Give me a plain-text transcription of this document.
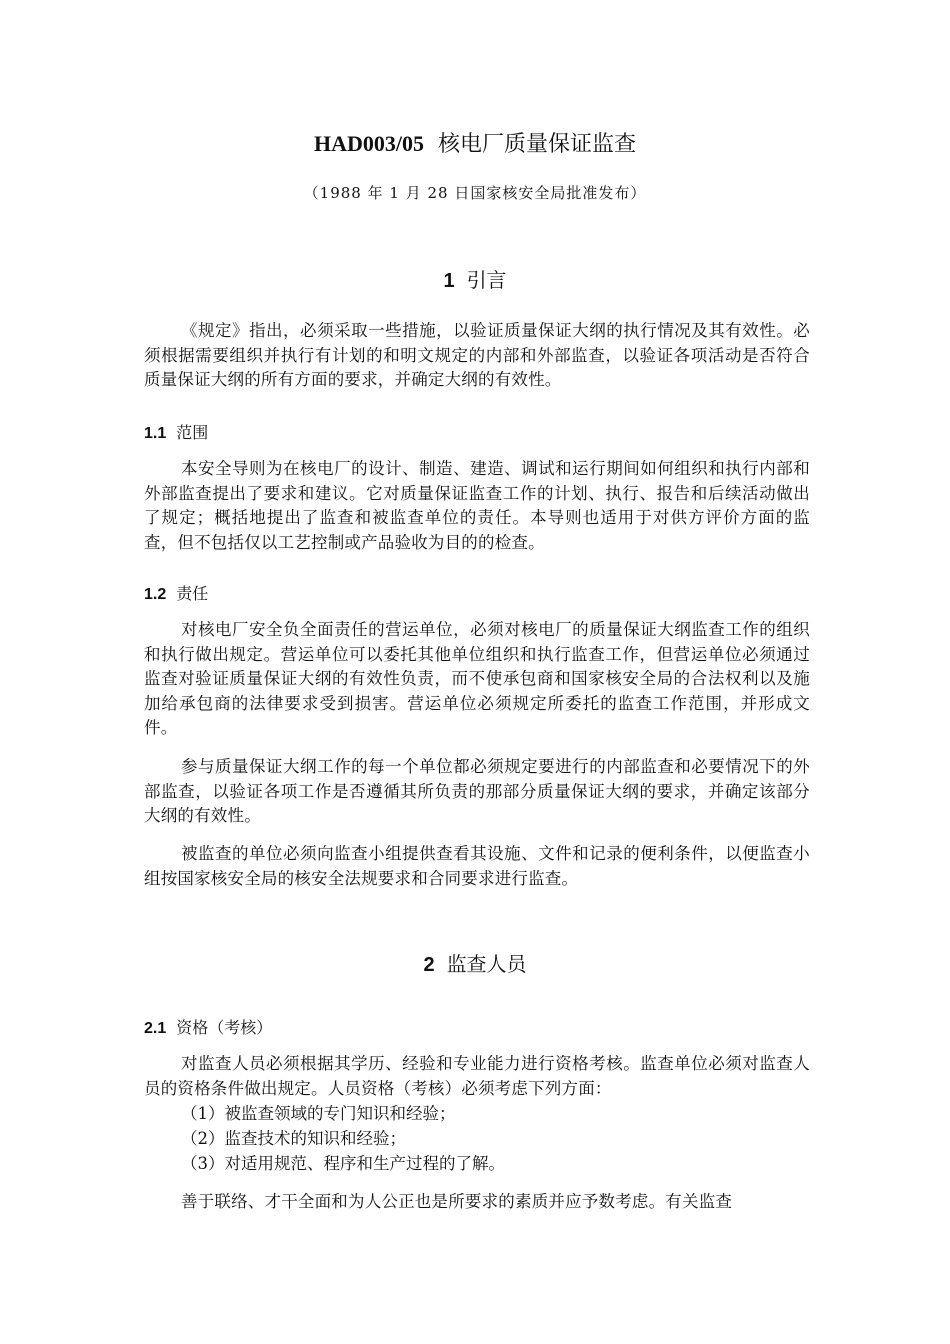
HAD003/05 核电厂质量保证监查
（1988 年 1 月 28 日国家核安全局批准发布）
1 引言

《规定》指出，必须采取一些措施，以验证质量保证大纲的执行情况及其有效性。必须根据需要组织并执行有计划的和明文规定的内部和外部监查，以验证各项活动是否符合质量保证大纲的所有方面的要求，并确定大纲的有效性。

1.1 范围

本安全导则为在核电厂的设计、制造、建造、调试和运行期间如何组织和执行内部和外部监查提出了要求和建议。它对质量保证监查工作的计划、执行、报告和后续活动做出了规定；概括地提出了监查和被监查单位的责任。本导则也适用于对供方评价方面的监查，但不包括仅以工艺控制或产品验收为目的的检查。

1.2 责任

对核电厂安全负全面责任的营运单位，必须对核电厂的质量保证大纲监查工作的组织和执行做出规定。营运单位可以委托其他单位组织和执行监查工作，但营运单位必须通过监查对验证质量保证大纲的有效性负责，而不使承包商和国家核安全局的合法权利以及施加给承包商的法律要求受到损害。营运单位必须规定所委托的监查工作范围，并形成文件。

参与质量保证大纲工作的每一个单位都必须规定要进行的内部监查和必要情况下的外部监查，以验证各项工作是否遵循其所负责的那部分质量保证大纲的要求，并确定该部分大纲的有效性。

被监查的单位必须向监查小组提供查看其设施、文件和记录的便利条件，以便监查小组按国家核安全局的核安全法规要求和合同要求进行监查。

2 监查人员
2.1 资格（考核）

对监查人员必须根据其学历、经验和专业能力进行资格考核。监查单位必须对监查人员的资格条件做出规定。人员资格（考核）必须考虑下列方面：

（1）被监查领域的专门知识和经验；

（2）监查技术的知识和经验；

（3）对适用规范、程序和生产过程的了解。

善于联络、才干全面和为人公正也是所要求的素质并应予数考虑。有关监查
